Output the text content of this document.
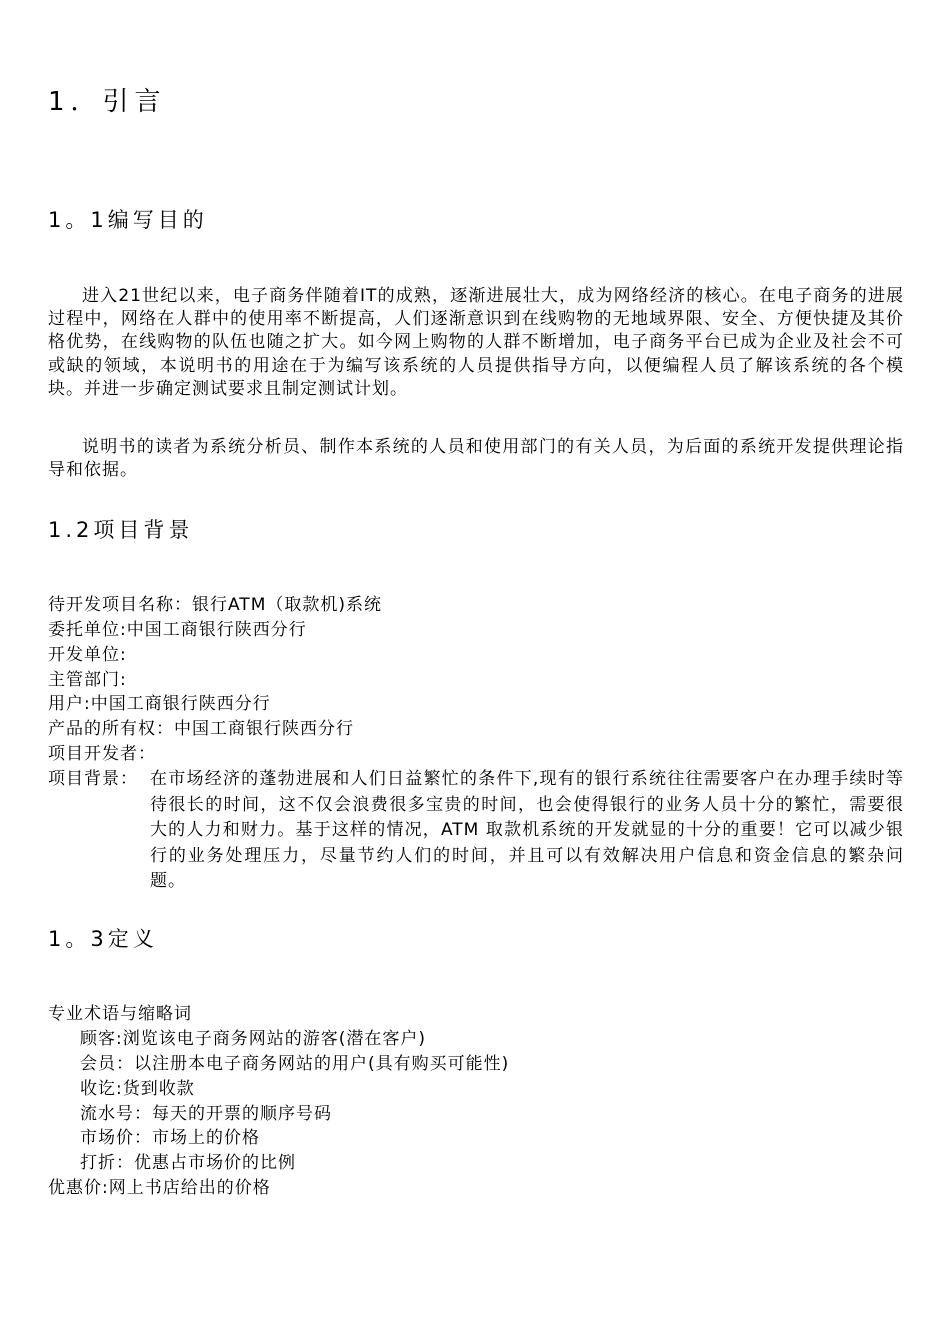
1．引言
1。1编写目的

进入21世纪以来，电子商务伴随着IT的成熟，逐渐进展壮大，成为网络经济的核心。在电子商务的进展过程中，网络在人群中的使用率不断提高，人们逐渐意识到在线购物的无地域界限、安全、方便快捷及其价格优势，在线购物的队伍也随之扩大。如今网上购物的人群不断增加，电子商务平台已成为企业及社会不可或缺的领域，本说明书的用途在于为编写该系统的人员提供指导方向，以便编程人员了解该系统的各个模块。并进一步确定测试要求且制定测试计划。

说明书的读者为系统分析员、制作本系统的人员和使用部门的有关人员，为后面的系统开发提供理论指导和依据。

1.2项目背景
待开发项目名称：银行ATM（取款机)系统
委托单位:中国工商银行陕西分行
开发单位:
主管部门:
用户:中国工商银行陕西分行
产品的所有权：中国工商银行陕西分行
项目开发者：
项目背景： 在市场经济的蓬勃进展和人们日益繁忙的条件下,现有的银行系统往往需要客户在办理手续时等待很长的时间，这不仅会浪费很多宝贵的时间，也会使得银行的业务人员十分的繁忙，需要很大的人力和财力。基于这样的情况，ATM 取款机系统的开发就显的十分的重要！它可以减少银行的业务处理压力，尽量节约人们的时间，并且可以有效解决用户信息和资金信息的繁杂问题。

1。3定义
专业术语与缩略词
顾客:浏览该电子商务网站的游客(潜在客户)
会员：以注册本电子商务网站的用户(具有购买可能性)
收讫:货到收款
流水号：每天的开票的顺序号码
市场价：市场上的价格
打折：优惠占市场价的比例
优惠价:网上书店给出的价格
